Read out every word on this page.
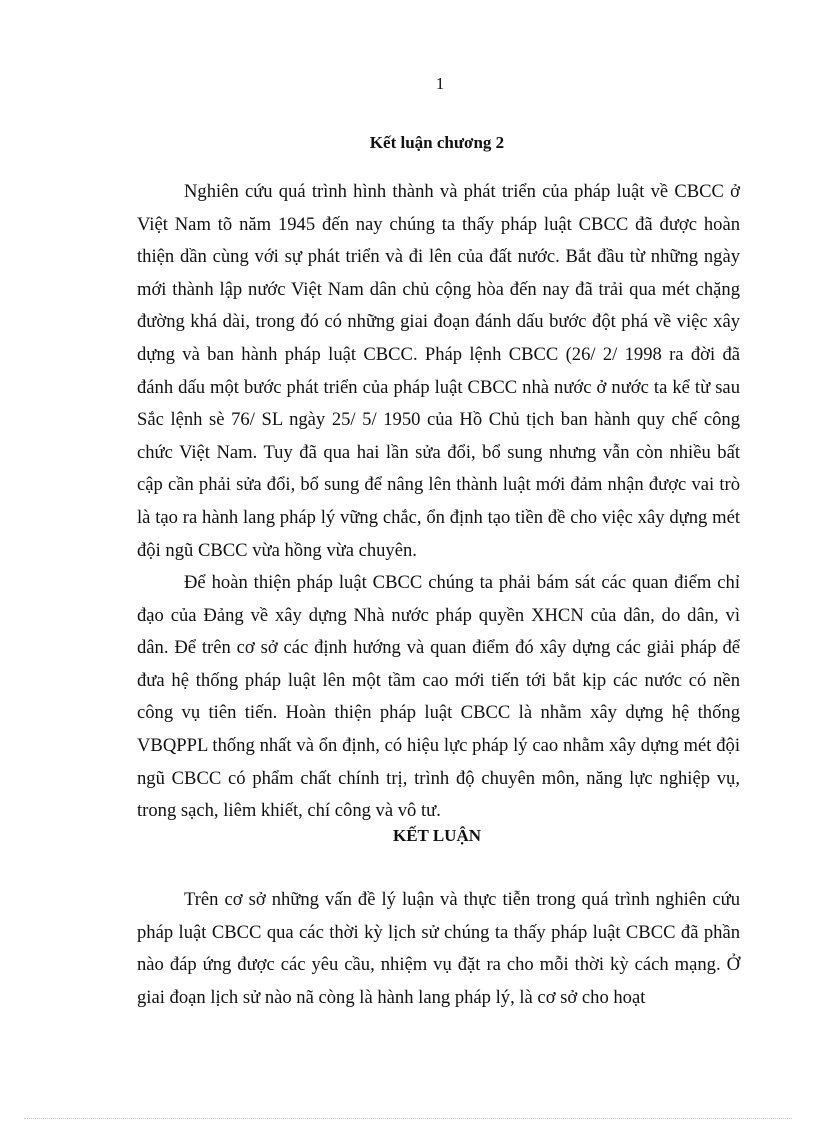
1
Kết luận chương 2

Nghiên cứu quá trình hình thành và phát triển của pháp luật về CBCC ở Việt Nam tõ năm 1945 đến nay chúng ta thấy pháp luật CBCC đã được hoàn thiện dần cùng với sự phát triển và đi lên của đất nước. Bắt đầu từ những ngày mới thành lập nước Việt Nam dân chủ cộng hòa đến nay đã trải qua mét chặng đường khá dài, trong đó có những giai đoạn đánh dấu bước đột phá về việc xây dựng và ban hành pháp luật CBCC. Pháp lệnh CBCC (26/ 2/ 1998 ra đời đã đánh dấu một bước phát triển của pháp luật CBCC nhà nước ở nước ta kể từ sau Sắc lệnh sè 76/ SL ngày 25/ 5/ 1950 của Hồ Chủ tịch ban hành quy chế công chức Việt Nam. Tuy đã qua hai lần sửa đổi, bổ sung nhưng vẫn còn nhiều bất cập cần phải sửa đổi, bổ sung để nâng lên thành luật mới đảm nhận được vai trò là tạo ra hành lang pháp lý vững chắc, ổn định tạo tiền đề cho việc xây dựng mét đội ngũ CBCC vừa hồng vừa chuyên.

Để hoàn thiện pháp luật CBCC chúng ta phải bám sát các quan điểm chỉ đạo của Đảng về xây dựng Nhà nước pháp quyền XHCN của dân, do dân, vì dân. Để trên cơ sở các định hướng và quan điểm đó xây dựng các giải pháp để đưa hệ thống pháp luật lên một tầm cao mới tiến tới bắt kịp các nước có nền công vụ tiên tiến. Hoàn thiện pháp luật CBCC là nhằm xây dựng hệ thống VBQPPL thống nhất và ổn định, có hiệu lực pháp lý cao nhằm xây dựng mét đội ngũ CBCC có phẩm chất chính trị, trình độ chuyên môn, năng lực nghiệp vụ, trong sạch, liêm khiết, chí công và vô tư.

KẾT LUẬN

Trên cơ sở những vấn đề lý luận và thực tiễn trong quá trình nghiên cứu pháp luật CBCC qua các thời kỳ lịch sử chúng ta thấy pháp luật CBCC đã phần nào đáp ứng được các yêu cầu, nhiệm vụ đặt ra cho mỗi thời kỳ cách mạng. Ở giai đoạn lịch sử nào nã còng là hành lang pháp lý, là cơ sở cho hoạt
